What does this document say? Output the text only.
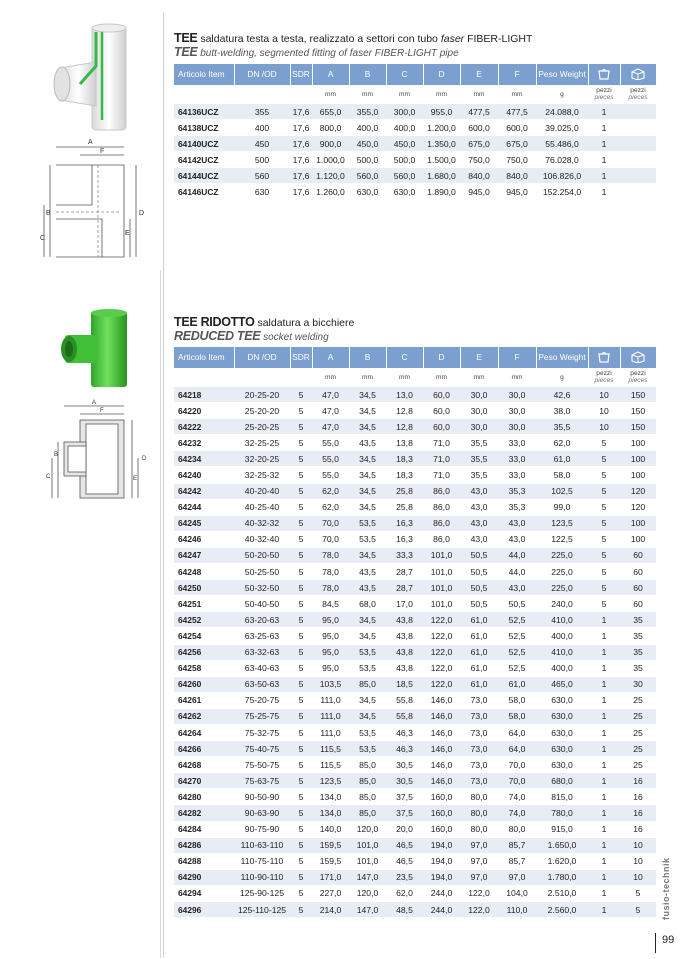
A
F
B
C
D
E
TEE saldatura testa a testa, realizzato a settori con tubo faser FIBER-LIGHT
TEE butt-welding, segmented fitting of faser FIBER-LIGHT pipe
Articolo Item	DN /OD	SDR	A	B	C	D	E	F	Peso Weight		
			mm	mm	mm	mm	mm	mm	g	pezzi
pieces	pezzi
pieces
64136UCZ	355	17,6	655,0	355,0	300,0	955,0	477,5	477,5	24.088,0	1	
64138UCZ	400	17,6	800,0	400,0	400,0	1.200,0	600,0	600,0	39.025,0	1	
64140UCZ	450	17,6	900,0	450,0	450,0	1.350,0	675,0	675,0	55.486,0	1	
64142UCZ	500	17,6	1.000,0	500,0	500,0	1.500,0	750,0	750,0	76.028,0	1	
64144UCZ	560	17,6	1.120,0	560,0	560,0	1.680,0	840,0	840,0	106.826,0	1	
64146UCZ	630	17,6	1.260,0	630,0	630,0	1.890,0	945,0	945,0	152.254,0	1	
A
F
B
C
D
E
TEE RIDOTTO saldatura a bicchiere
REDUCED TEE socket welding
Articolo Item	DN /OD	SDR	A	B	C	D	E	F	Peso Weight		
			mm	mm	mm	mm	mm	mm	g	pezzi
pieces	pezzi
pieces
64218	20-25-20	5	47,0	34,5	13,0	60,0	30,0	30,0	42,6	10	150
64220	25-20-20	5	47,0	34,5	12,8	60,0	30,0	30,0	38,0	10	150
64222	25-20-25	5	47,0	34,5	12,8	60,0	30,0	30,0	35,5	10	150
64232	32-25-25	5	55,0	43,5	13,8	71,0	35,5	33,0	62,0	5	100
64234	32-20-25	5	55,0	34,5	18,3	71,0	35,5	33,0	61,0	5	100
64240	32-25-32	5	55,0	34,5	18,3	71,0	35,5	33,0	58,0	5	100
64242	40-20-40	5	62,0	34,5	25,8	86,0	43,0	35,3	102,5	5	120
64244	40-25-40	5	62,0	34,5	25,8	86,0	43,0	35,3	99,0	5	120
64245	40-32-32	5	70,0	53,5	16,3	86,0	43,0	43,0	123,5	5	100
64246	40-32-40	5	70,0	53,5	16,3	86,0	43,0	43,0	122,5	5	100
64247	50-20-50	5	78,0	34,5	33,3	101,0	50,5	44,0	225,0	5	60
64248	50-25-50	5	78,0	43,5	28,7	101,0	50,5	44,0	225,0	5	60
64250	50-32-50	5	78,0	43,5	28,7	101,0	50,5	43,0	225,0	5	60
64251	50-40-50	5	84,5	68,0	17,0	101,0	50,5	50,5	240,0	5	60
64252	63-20-63	5	95,0	34,5	43,8	122,0	61,0	52,5	410,0	1	35
64254	63-25-63	5	95,0	34,5	43,8	122,0	61,0	52,5	400,0	1	35
64256	63-32-63	5	95,0	53,5	43,8	122,0	61,0	52,5	410,0	1	35
64258	63-40-63	5	95,0	53,5	43,8	122,0	61,0	52,5	400,0	1	35
64260	63-50-63	5	103,5	85,0	18,5	122,0	61,0	61,0	465,0	1	30
64261	75-20-75	5	111,0	34,5	55,8	146,0	73,0	58,0	630,0	1	25
64262	75-25-75	5	111,0	34,5	55,8	146,0	73,0	58,0	630,0	1	25
64264	75-32-75	5	111,0	53,5	46,3	146,0	73,0	64,0	630,0	1	25
64266	75-40-75	5	115,5	53,5	46,3	146,0	73,0	64,0	630,0	1	25
64268	75-50-75	5	115,5	85,0	30,5	146,0	73,0	70,0	630,0	1	25
64270	75-63-75	5	123,5	85,0	30,5	146,0	73,0	70,0	680,0	1	16
64280	90-50-90	5	134,0	85,0	37,5	160,0	80,0	74,0	815,0	1	16
64282	90-63-90	5	134,0	85,0	37,5	160,0	80,0	74,0	780,0	1	16
64284	90-75-90	5	140,0	120,0	20,0	160,0	80,0	80,0	915,0	1	16
64286	110-63-110	5	159,5	101,0	46,5	194,0	97,0	85,7	1.650,0	1	10
64288	110-75-110	5	159,5	101,0	46,5	194,0	97,0	85,7	1.620,0	1	10
64290	110-90-110	5	171,0	147,0	23,5	194,0	97,0	97,0	1.780,0	1	10
64294	125-90-125	5	227,0	120,0	62,0	244,0	122,0	104,0	2.510,0	1	5
64296	125-110-125	5	214,0	147,0	48,5	244,0	122,0	110,0	2.560,0	1	5 fusio-technik
99
